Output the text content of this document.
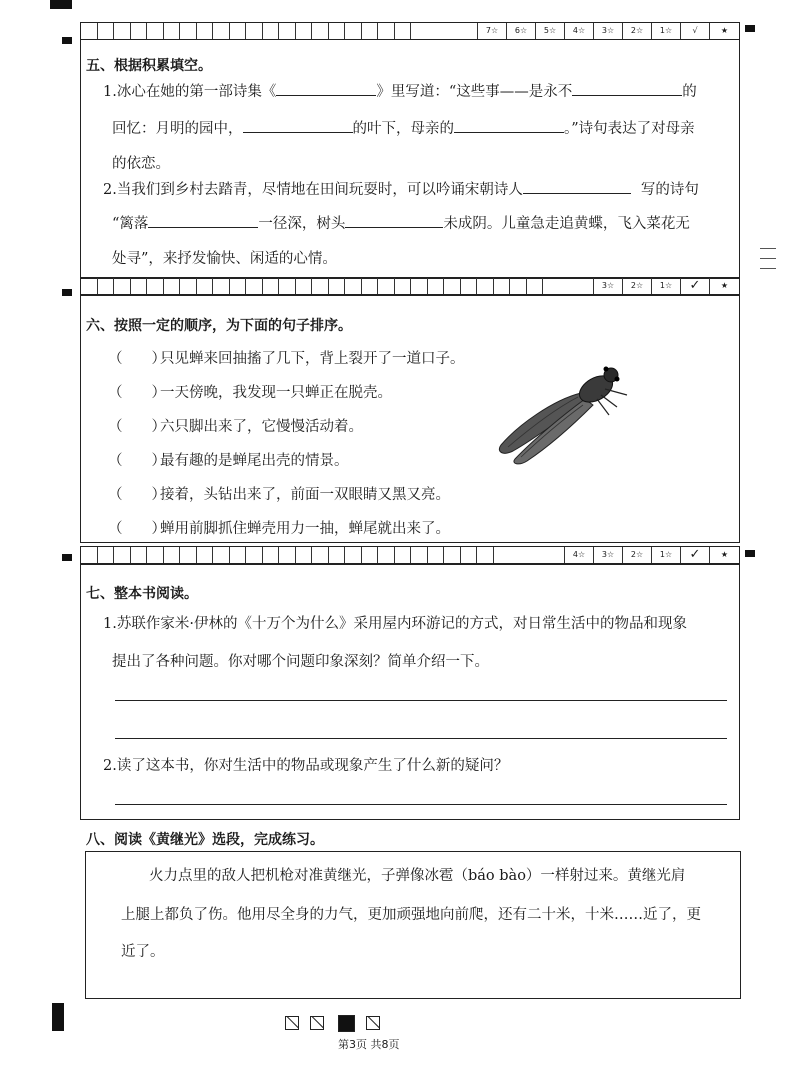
7☆	6☆	5☆	4☆	3☆	2☆	1☆	√	★
五、根据积累填空。
1.冰心在她的第一部诗集《	》里写道：“这些事——是永不	的
回忆：月明的园中，	的叶下，母亲的	。”诗句表达了对母亲
的依恋。
2.当我们到乡村去踏青，尽情地在田间玩耍时，可以吟诵宋朝诗人	写的诗句
“篱落	一径深，树头	未成阴。儿童急走追黄蝶，飞入菜花无
处寻”，来抒发愉快、闲适的心情。
3☆	2☆	1☆	✓	★
六、按照一定的顺序，为下面的句子排序。
（　　）
只见蝉来回抽搐了几下，背上裂开了一道口子。
（　　）
一天傍晚，我发现一只蝉正在脱壳。
（　　）
六只脚出来了，它慢慢活动着。
（　　）
最有趣的是蝉尾出壳的情景。
（　　）
接着，头钻出来了，前面一双眼睛又黑又亮。
（　　）
蝉用前脚抓住蝉壳用力一抽，蝉尾就出来了。
4☆	3☆	2☆	1☆	✓	★
七、整本书阅读。
1.苏联作家米·伊林的《十万个为什么》采用屋内环游记的方式，对日常生活中的物品和现象
提出了各种问题。你对哪个问题印象深刻？简单介绍一下。
2.读了这本书，你对生活中的物品或现象产生了什么新的疑问？
八、阅读《黄继光》选段，完成练习。
火力点里的敌人把机枪对准黄继光，子弹像冰雹（báo bào）一样射过来。黄继光肩
上腿上都负了伤。他用尽全身的力气，更加顽强地向前爬，还有二十米，十米……近了，更
近了。
第3页 共8页
